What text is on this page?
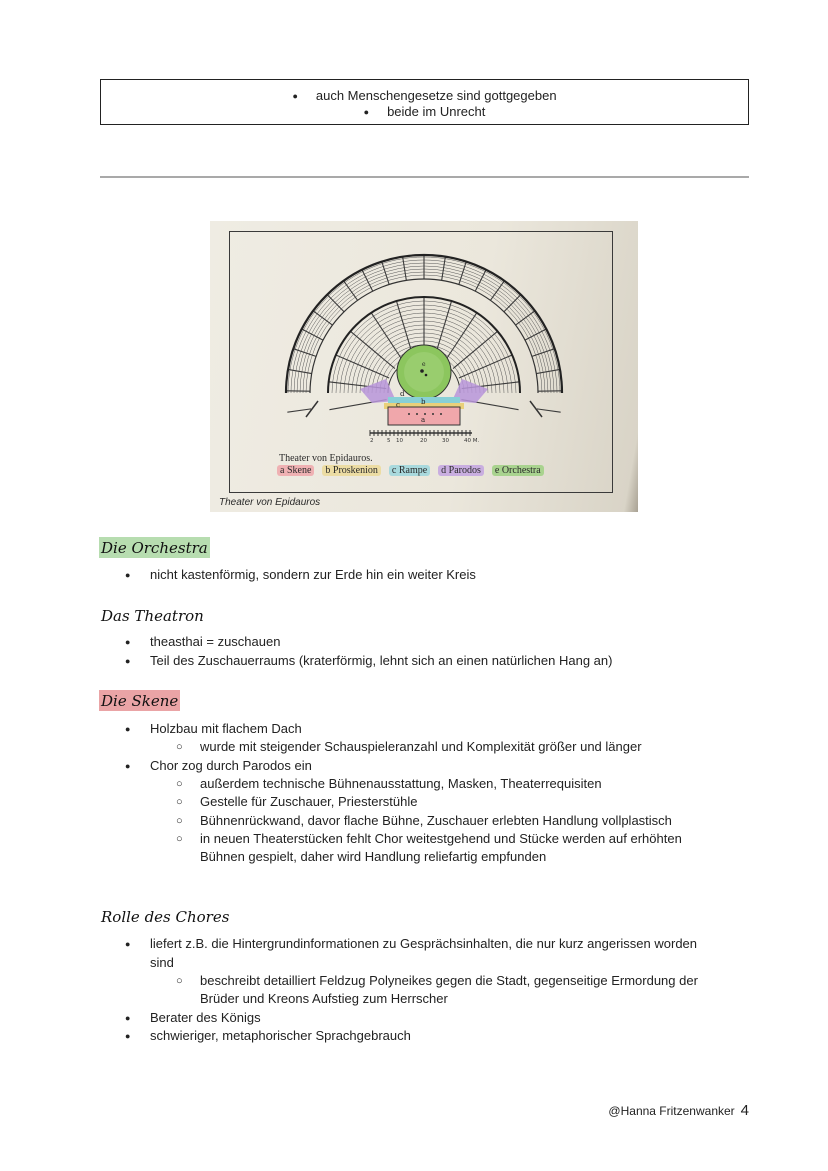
● auch Menschengesetze sind gottgegeben
● beide im Unrecht
d
b
a
c
e
2 5 10	20	30	40 M.
Theater von Epidauros.
a Skene b Proskenion c Rampe d Parodos e Orchestra
Theater von Epidauros
Die Orchestra
● nicht kastenförmig, sondern zur Erde hin ein weiter Kreis
Das Theatron
● theasthai = zuschauen
● Teil des Zuschauerraums (kraterförmig, lehnt sich an einen natürlichen Hang an)
Die Skene
● Holzbau mit flachem Dach
○ wurde mit steigender Schauspieleranzahl und Komplexität größer und länger
● Chor zog durch Parodos ein
○ außerdem technische Bühnenausstattung, Masken, Theaterrequisiten
○ Gestelle für Zuschauer, Priesterstühle
○ Bühnenrückwand, davor flache Bühne, Zuschauer erlebten Handlung vollplastisch
○ in neuen Theaterstücken fehlt Chor weitestgehend und Stücke werden auf erhöhten
Bühnen gespielt, daher wird Handlung reliefartig empfunden
Rolle des Chores
● liefert z.B. die Hintergrundinformationen zu Gesprächsinhalten, die nur kurz angerissen worden
sind
○ beschreibt detailliert Feldzug Polyneikes gegen die Stadt, gegenseitige Ermordung der
Brüder und Kreons Aufstieg zum Herrscher
● Berater des Königs
● schwieriger, metaphorischer Sprachgebrauch
@Hanna Fritzenwanker 4
